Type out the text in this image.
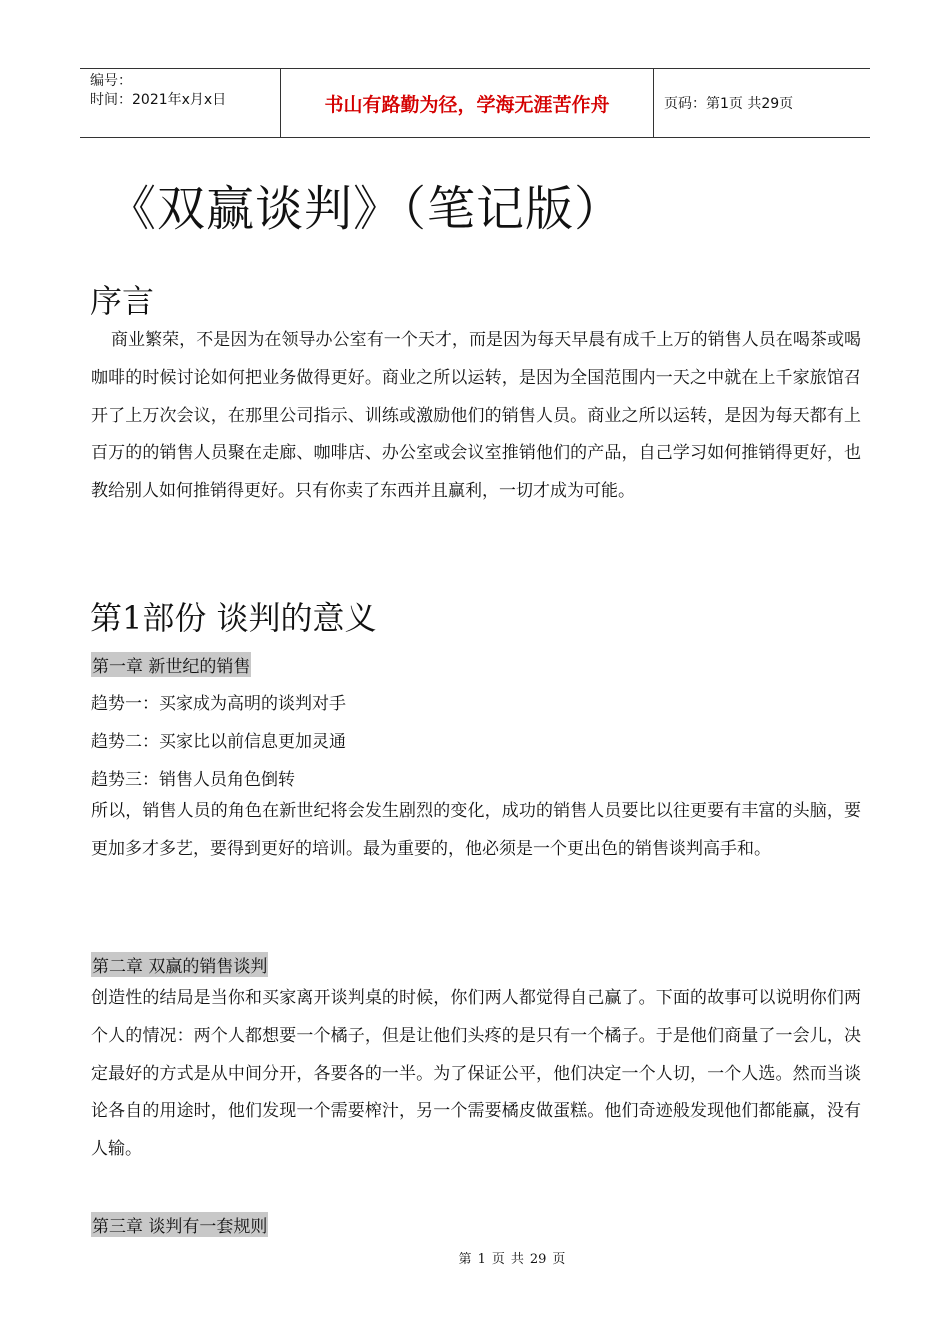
编号：
时间：2021年x月x日	书山有路勤为径，学海无涯苦作舟	页码：第1页 共29页
《双赢谈判》（笔记版）
序言
商业繁荣，不是因为在领导办公室有一个天才，而是因为每天早晨有成千上万的销售人员在喝茶或喝咖啡的时候讨论如何把业务做得更好。商业之所以运转，是因为全国范围内一天之中就在上千家旅馆召开了上万次会议，在那里公司指示、训练或激励他们的销售人员。商业之所以运转，是因为每天都有上百万的的销售人员聚在走廊、咖啡店、办公室或会议室推销他们的产品，自己学习如何推销得更好，也教给别人如何推销得更好。只有你卖了东西并且赢利，一切才成为可能。
第1部份 谈判的意义
第一章 新世纪的销售
趋势一：买家成为高明的谈判对手
趋势二：买家比以前信息更加灵通
趋势三：销售人员角色倒转
所以，销售人员的角色在新世纪将会发生剧烈的变化，成功的销售人员要比以往更要有丰富的头脑，要更加多才多艺，要得到更好的培训。最为重要的，他必须是一个更出色的销售谈判高手和。
第二章 双赢的销售谈判
创造性的结局是当你和买家离开谈判桌的时候，你们两人都觉得自己赢了。下面的故事可以说明你们两个人的情况：两个人都想要一个橘子，但是让他们头疼的是只有一个橘子。于是他们商量了一会儿，决定最好的方式是从中间分开，各要各的一半。为了保证公平，他们决定一个人切，一个人选。然而当谈论各自的用途时，他们发现一个需要榨汁，另一个需要橘皮做蛋糕。他们奇迹般发现他们都能赢，没有人输。
第三章 谈判有一套规则
第 1 页 共 29 页
